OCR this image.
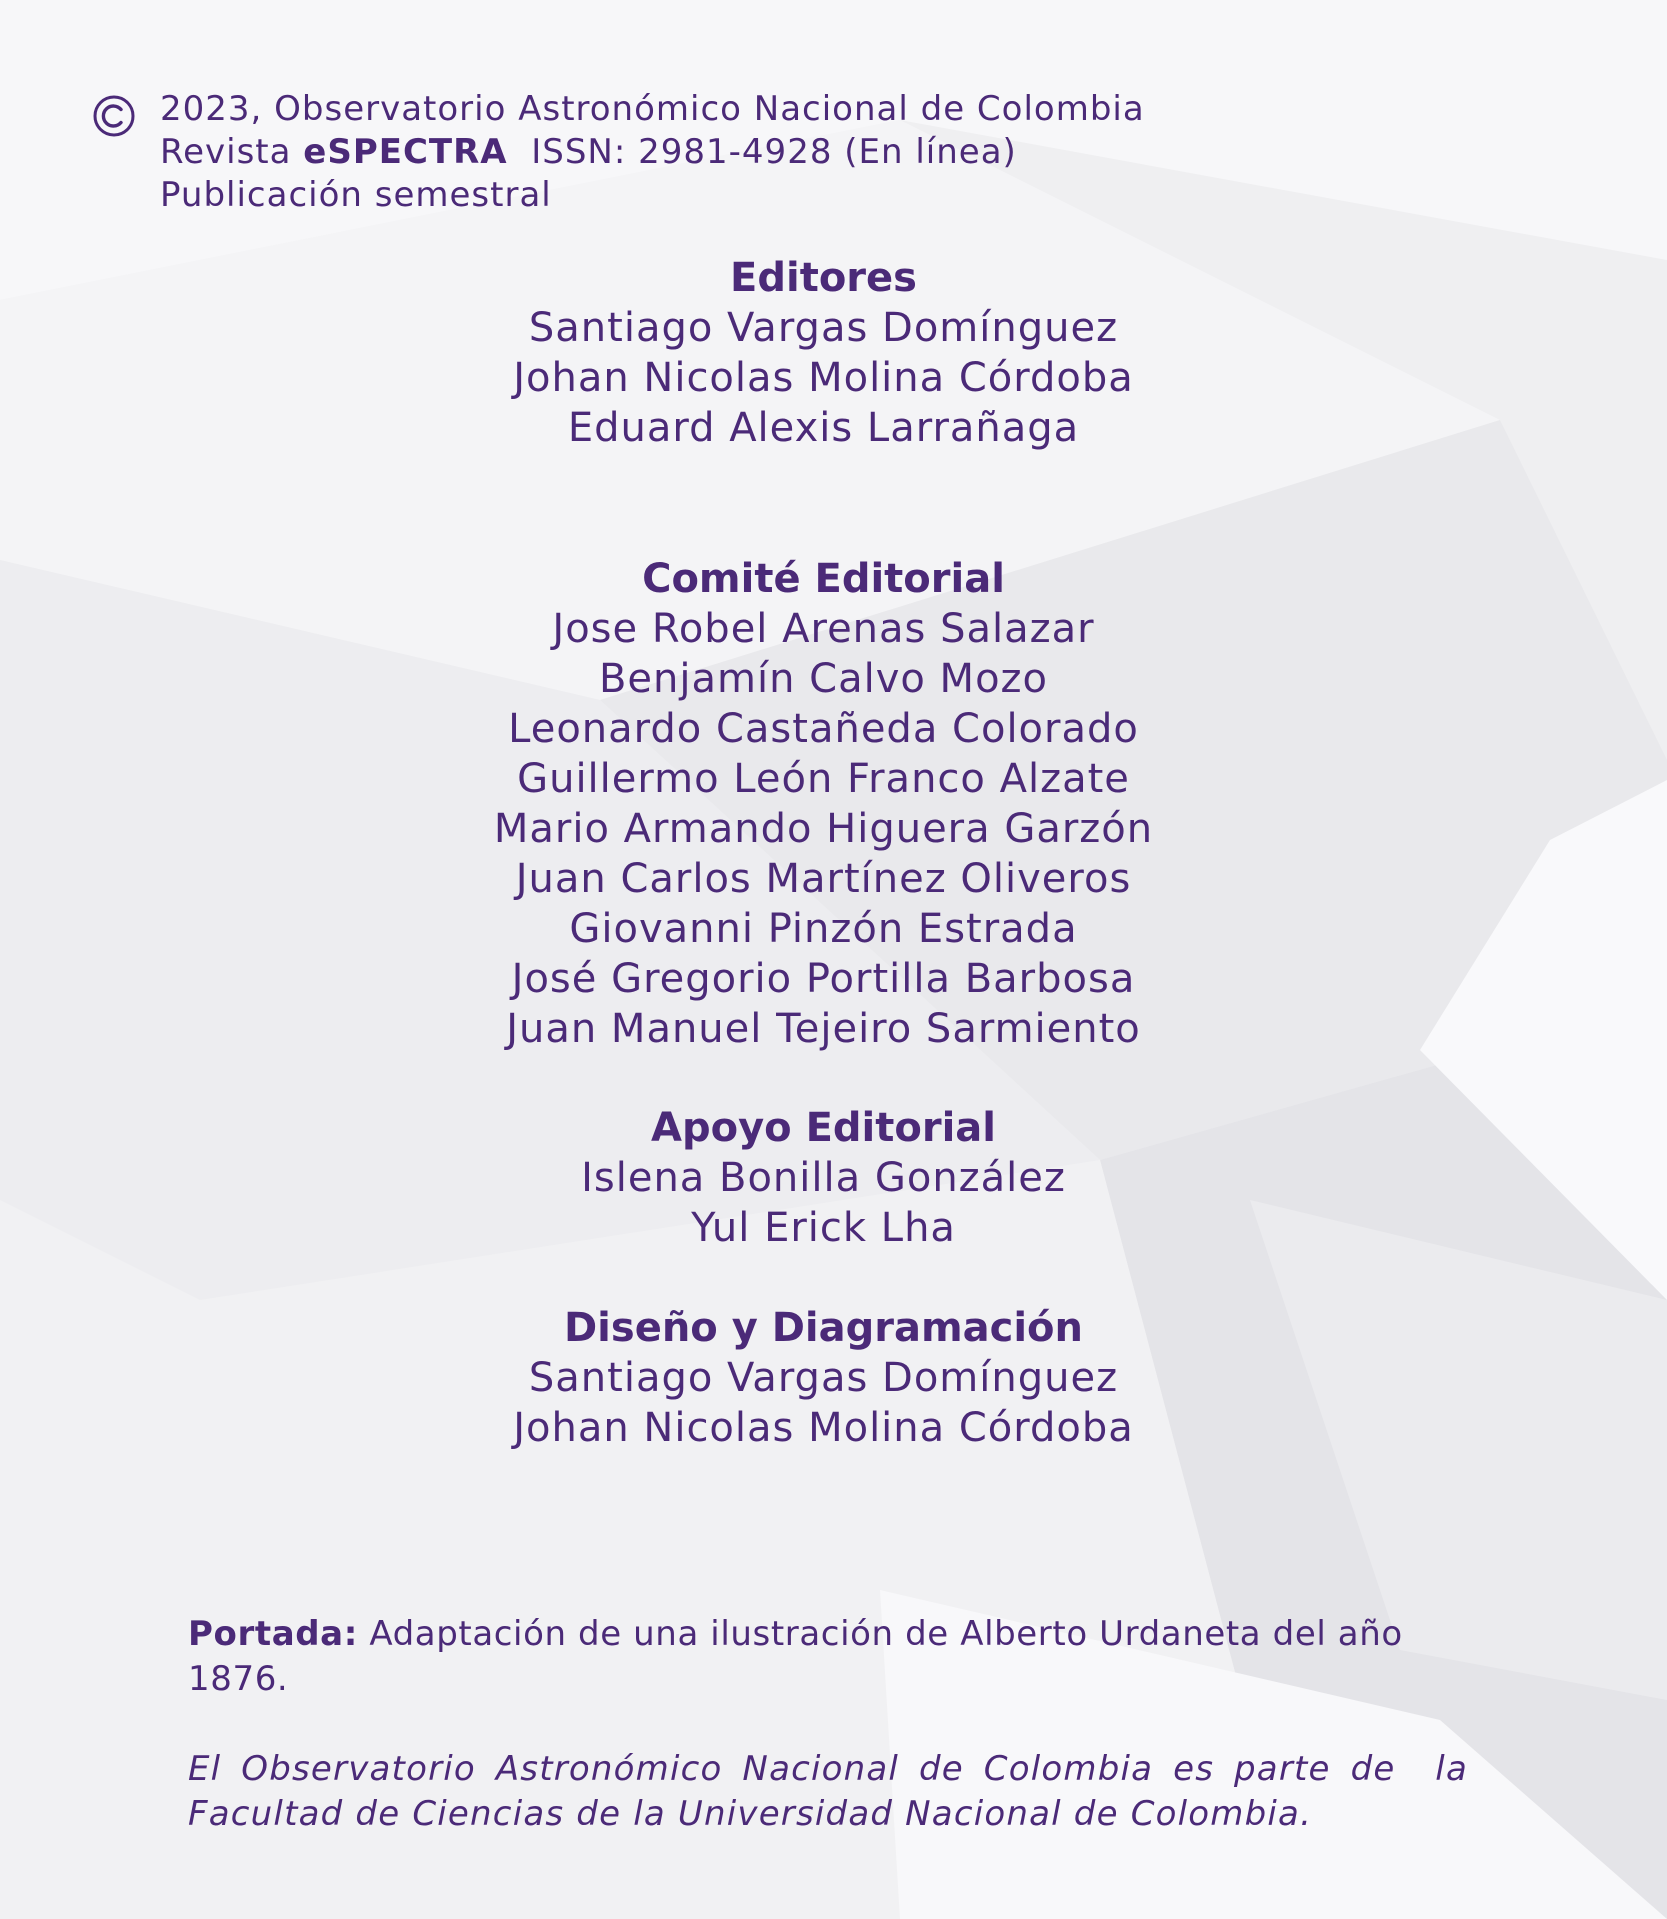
2023, Observatorio Astronómico Nacional de Colombia
Revista eSPECTRA  ISSN: 2981-4928 (En línea)
Publicación semestral
Editores
Santiago Vargas Domínguez
Johan Nicolas Molina Córdoba
Eduard Alexis Larrañaga
Comité Editorial
Jose Robel Arenas Salazar
Benjamín Calvo Mozo
Leonardo Castañeda Colorado
Guillermo León Franco Alzate
Mario Armando Higuera Garzón
Juan Carlos Martínez Oliveros
Giovanni Pinzón Estrada
José Gregorio Portilla Barbosa
Juan Manuel Tejeiro Sarmiento
Apoyo Editorial
Islena Bonilla González
Yul Erick Lha
Diseño y Diagramación
Santiago Vargas Domínguez
Johan Nicolas Molina Córdoba
Portada: Adaptación de una ilustración de Alberto Urdaneta del año 1876.
El Observatorio Astronómico Nacional de Colombia es parte de  la Facultad de Ciencias de la Universidad Nacional de Colombia.
